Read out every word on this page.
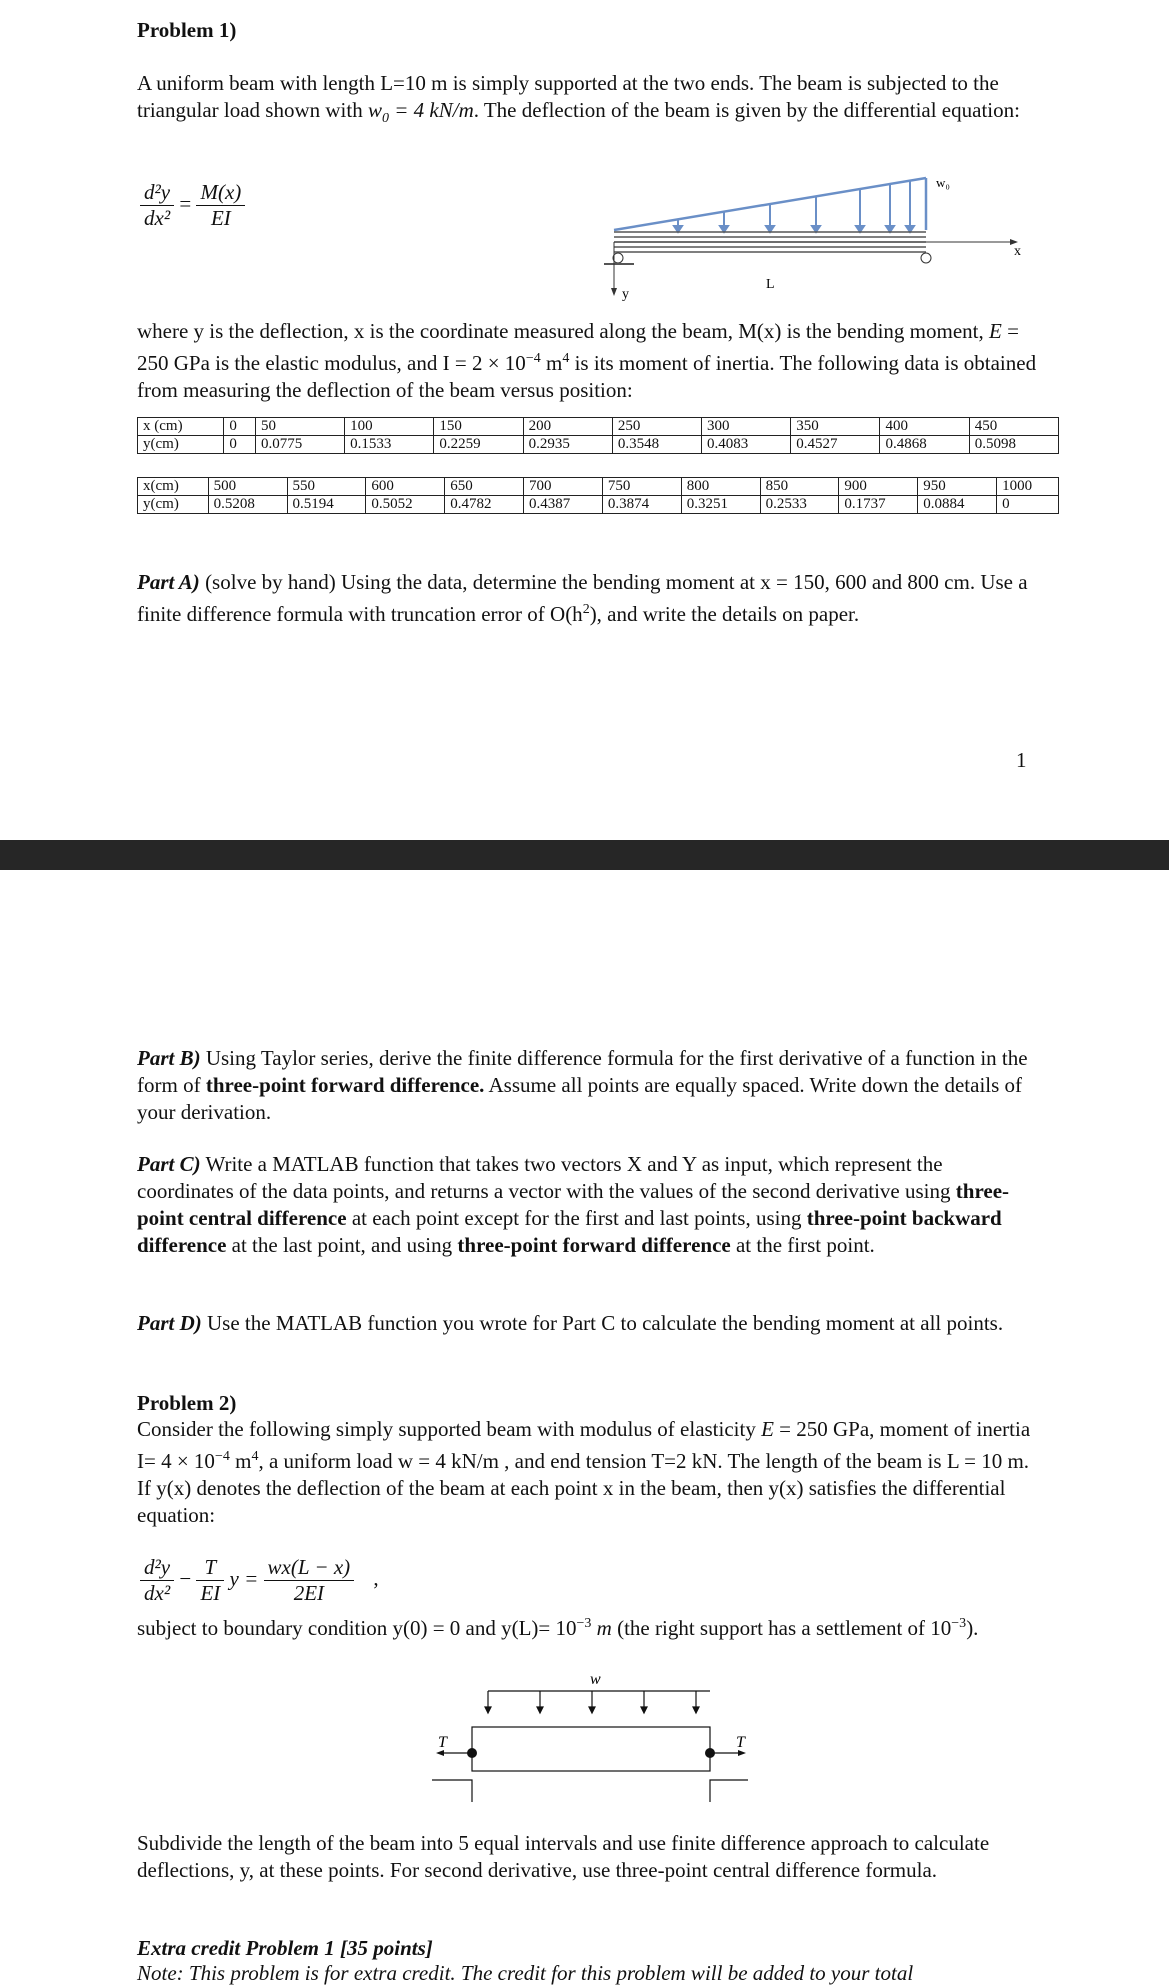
Problem 1)
A uniform beam with length L=10 m is simply supported at the two ends. The beam is subjected to the triangular load shown with $w_0 = 4$ kN/m. The deflection of the beam is given by the differential equation:
$\frac{\text{d²y}}{\text{dx²}} = \frac{M(x)}{EI}$	w₀
x
y
L
where y is the deflection, x is the coordinate measured along the beam, M(x) is the bending moment, E = 250 GPa is the elastic modulus, and $I = 2 \times 10^{-4}$ $m^4$ is its moment of inertia. The following data is obtained from measuring the deflection of the beam versus position:
x (cm)	0	50	100	150	200	250	300	350	400	450
y(cm)	0	0.0775	0.1533	0.2259	0.2935	0.3548	0.4083	0.4527	0.4868	0.5098
x(cm)	500	550	600	650	700	750	800	850	900	950	1000
y(cm)	0.5208	0.5194	0.5052	0.4782	0.4387	0.3874	0.3251	0.2533	0.1737	0.0884	0
Part A) (solve by hand) Using the data, determine the bending moment at x = 150, 600 and 800 cm. Use a finite difference formula with truncation error of $O(h^2)$, and write the details on paper.
1
Part B) Using Taylor series, derive the finite difference formula for the first derivative of a function in the form of three-point forward difference. Assume all points are equally spaced. Write down the details of your derivation.
Part C) Write a MATLAB function that takes two vectors X and Y as input, which represent the coordinates of the data points, and returns a vector with the values of the second derivative using three-point central difference at each point except for the first and last points, using three-point backward difference at the last point, and using three-point forward difference at the first point.
Part D) Use the MATLAB function you wrote for Part C to calculate the bending moment at all points.
Problem 2)
Consider the following simply supported beam with modulus of elasticity E = 250 GPa, moment of inertia $I= 4 \times 10^{-4}$ $m^4$, a uniform load w = 4 kN/m , and end tension T=2 kN. The length of the beam is L = 10 m. If y(x) denotes the deflection of the beam at each point x in the beam, then y(x) satisfies the differential equation:
$\frac{\text{d²y}}{\text{dx²}} - \frac{T}{EI}$ $y = \frac{wx(L - x)}{2EI}$ ,
subject to boundary condition y(0) = 0 and $y(L)= 10^{-3}$ m (the right support has a settlement of $10^{-3}$).
w
T	T
Subdivide the length of the beam into 5 equal intervals and use finite difference approach to calculate deflections, y, at these points. For second derivative, use three-point central difference formula.
Extra credit Problem 1 [35 points]
Note: This problem is for extra credit. The credit for this problem will be added to your total
